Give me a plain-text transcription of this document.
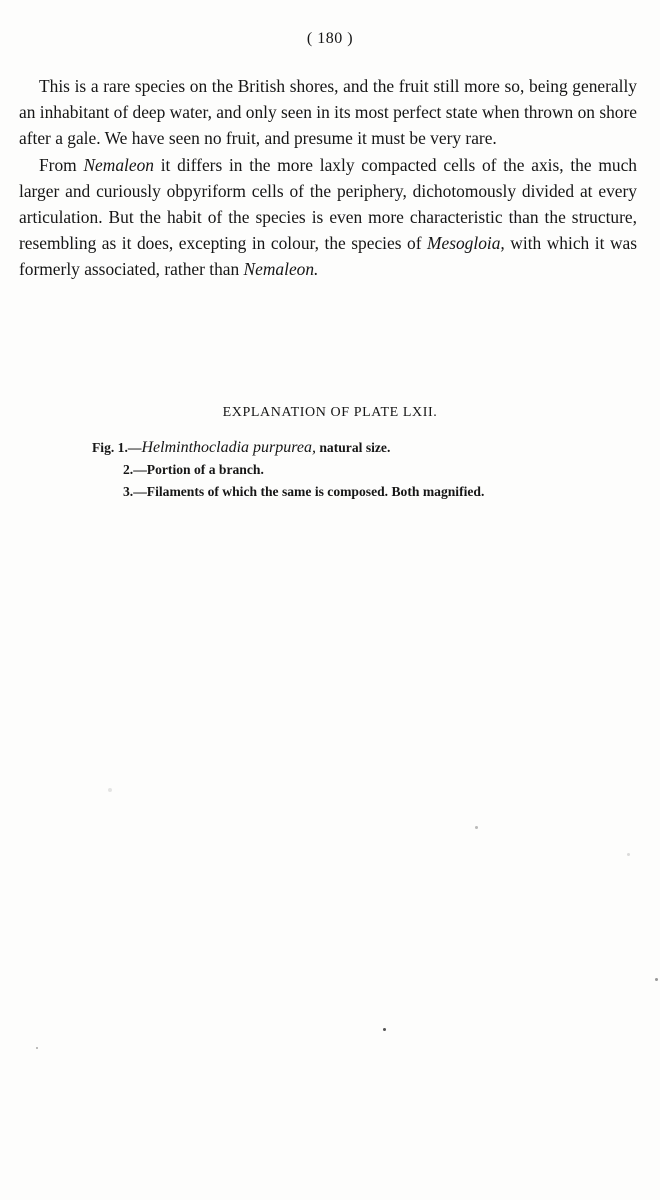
( 180 )

This is a rare species on the British shores, and the fruit still more so, being generally an inhabitant of deep water, and only seen in its most perfect state when thrown on shore after a gale. We have seen no fruit, and presume it must be very rare.

From Nemaleon it differs in the more laxly compacted cells of the axis, the much larger and curiously obpyriform cells of the periphery, dichotomously divided at every articulation. But the habit of the species is even more characteristic than the structure, resembling as it does, excepting in colour, the species of Mesogloia, with which it was formerly associated, rather than Nemaleon.

EXPLANATION OF PLATE LXII.
Fig. 1.—Helminthocladia purpurea, natural size.
2.—Portion of a branch.
3.—Filaments of which the same is composed. Both magnified.
